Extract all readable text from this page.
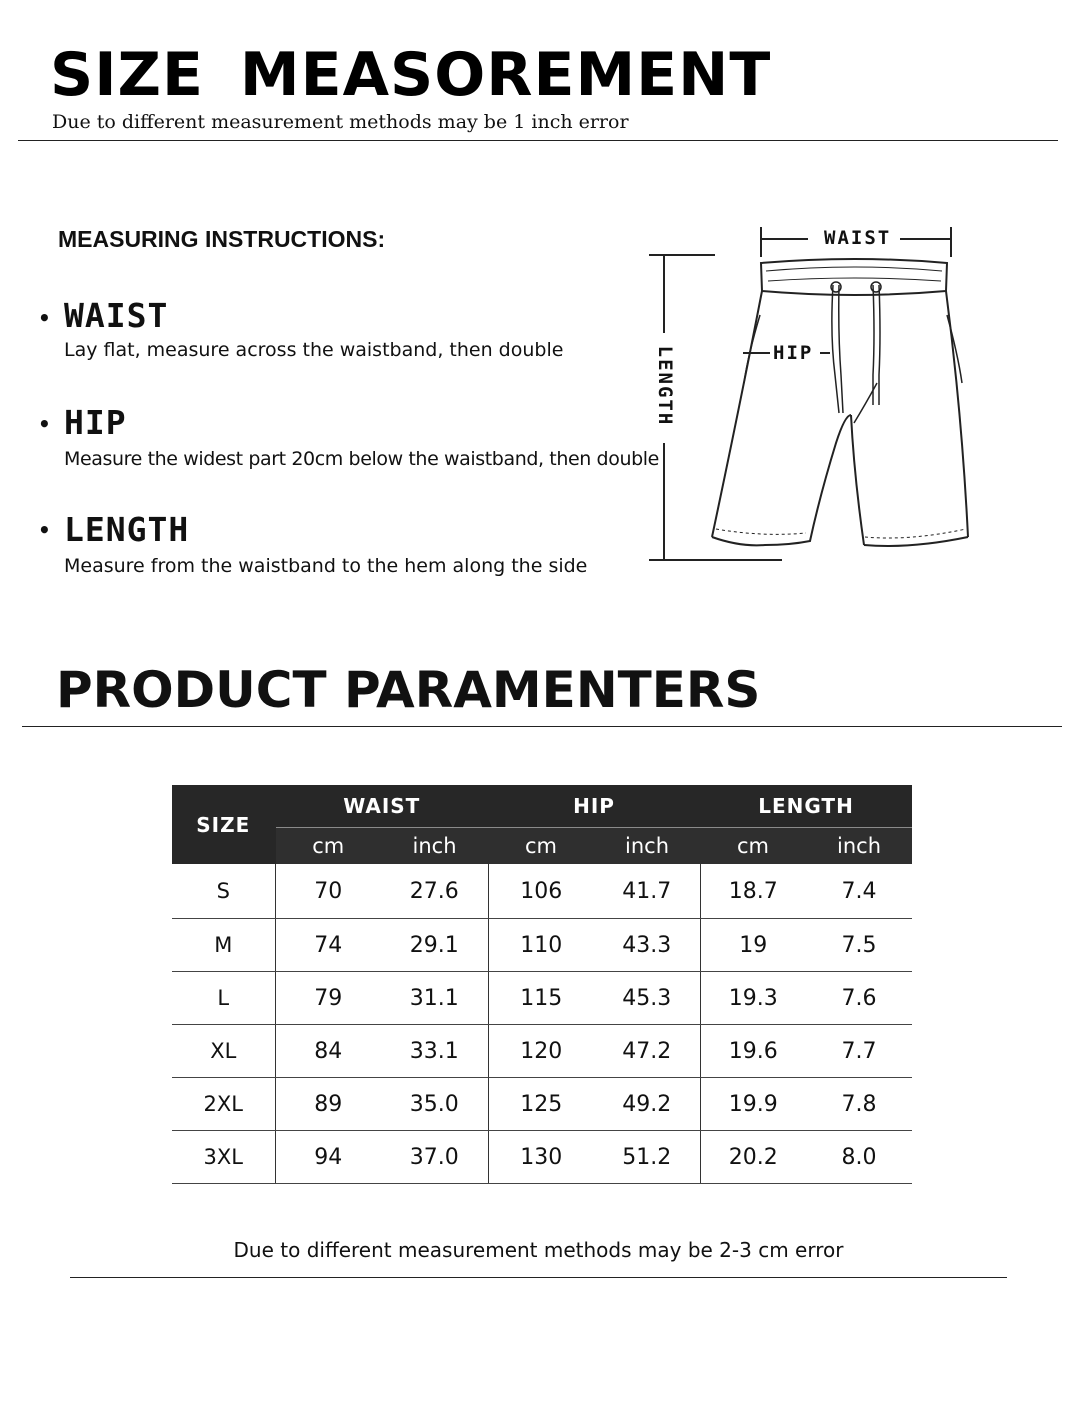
SIZE MEASOREMENT
Due to different measurement methods may be 1 inch error
MEASURING INSTRUCTIONS:
• WAIST
Lay flat, measure across the waistband, then double
• HIP
Measure the widest part 20cm below the waistband, then double
• LENGTH
Measure from the waistband to the hem along the side
WAIST
HIP
LENGTH
PRODUCT PARAMENTERS
SIZE	WAIST		HIP		LENGTH	
	cm	inch	cm	inch	cm	inch
S	70	27.6	106	41.7	18.7	7.4
M	74	29.1	110	43.3	19	7.5
L	79	31.1	115	45.3	19.3	7.6
XL	84	33.1	120	47.2	19.6	7.7
2XL	89	35.0	125	49.2	19.9	7.8
3XL	94	37.0	130	51.2	20.2	8.0
Due to different measurement methods may be 2-3 cm error
